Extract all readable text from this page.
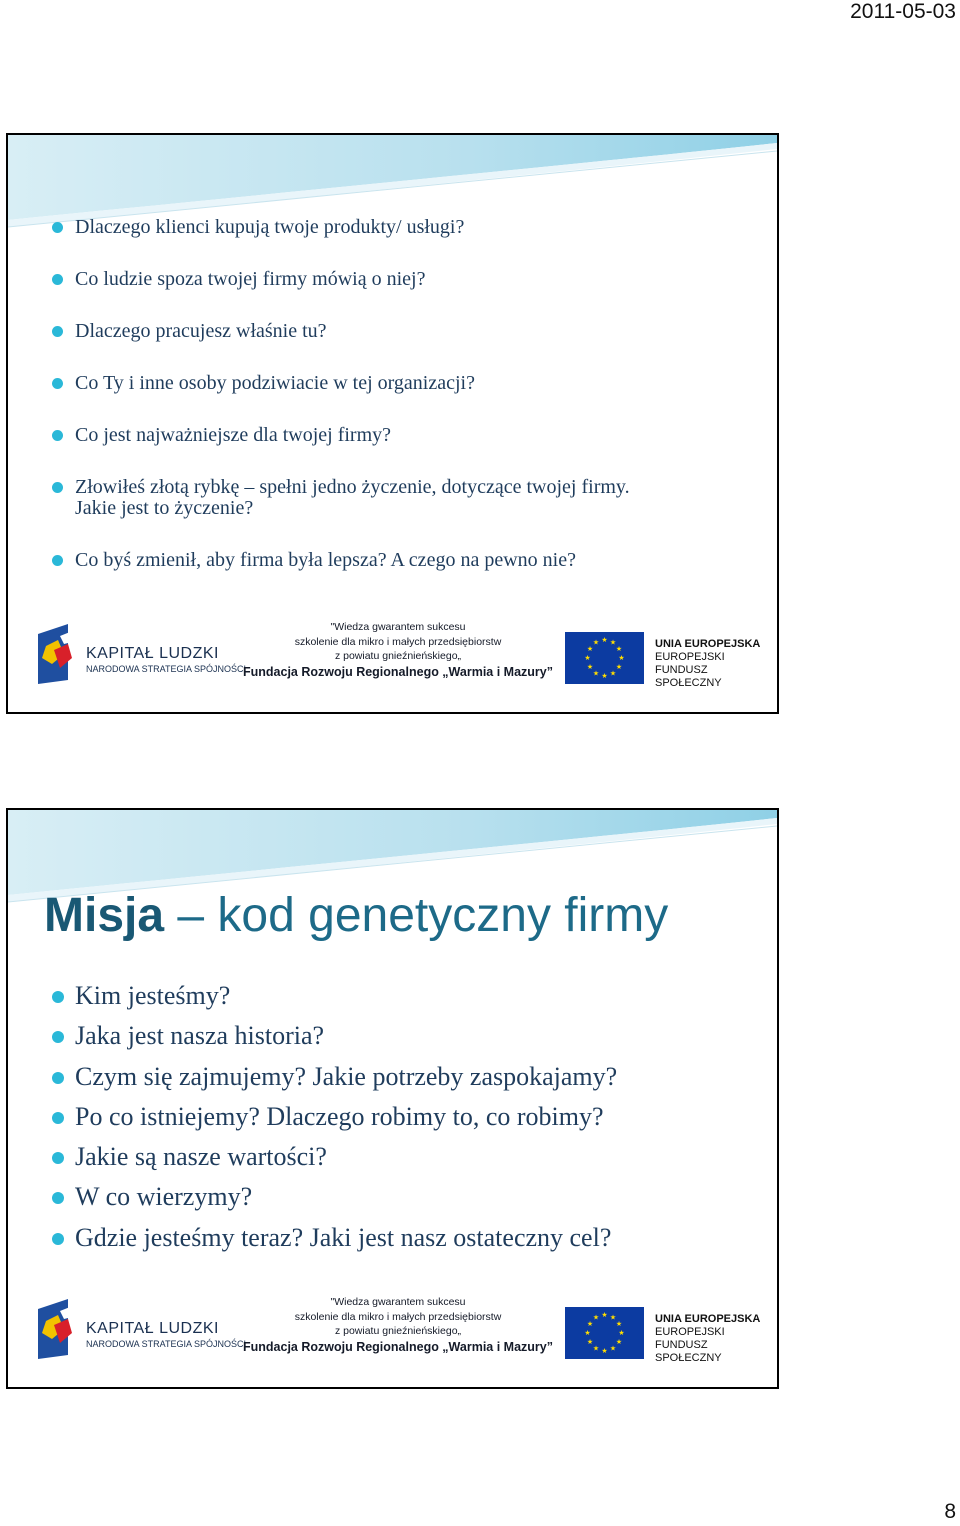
2011-05-03
Dlaczego klienci kupują twoje produkty/ usługi?
Co ludzie spoza twojej firmy mówią o niej?
Dlaczego pracujesz właśnie tu?
Co Ty i inne osoby podziwiacie w tej organizacji?
Co jest najważniejsze dla twojej firmy?
Złowiłeś złotą rybkę – spełni jedno życzenie, dotyczące twojej firmy.
Jakie jest to życzenie?
Co byś zmienił, aby firma była lepsza? A czego na pewno nie?
KAPITAŁ LUDZKI
NARODOWA STRATEGIA SPÓJNOŚCI
"Wiedza gwarantem sukcesu
szkolenie dla mikro i małych przedsiębiorstw
z powiatu gnieźnieńskiego„
Fundacja Rozwoju Regionalnego „Warmia i Mazury”
★ ★
★
★
★
★
★
★
★
★
★
★	UNIA EUROPEJSKA
EUROPEJSKI
FUNDUSZ SPOŁECZNY
Misja – kod genetyczny firmy
Kim jesteśmy?
Jaka jest nasza historia?
Czym się zajmujemy? Jakie potrzeby zaspokajamy?
Po co istniejemy? Dlaczego robimy to, co robimy?
Jakie są nasze wartości?
W co wierzymy?
Gdzie jesteśmy teraz? Jaki jest nasz ostateczny cel?
KAPITAŁ LUDZKI
NARODOWA STRATEGIA SPÓJNOŚCI
"Wiedza gwarantem sukcesu
szkolenie dla mikro i małych przedsiębiorstw
z powiatu gnieźnieńskiego„
Fundacja Rozwoju Regionalnego „Warmia i Mazury”
★ ★
★
★
★
★
★
★
★
★
★
★	UNIA EUROPEJSKA
EUROPEJSKI
FUNDUSZ SPOŁECZNY
8
